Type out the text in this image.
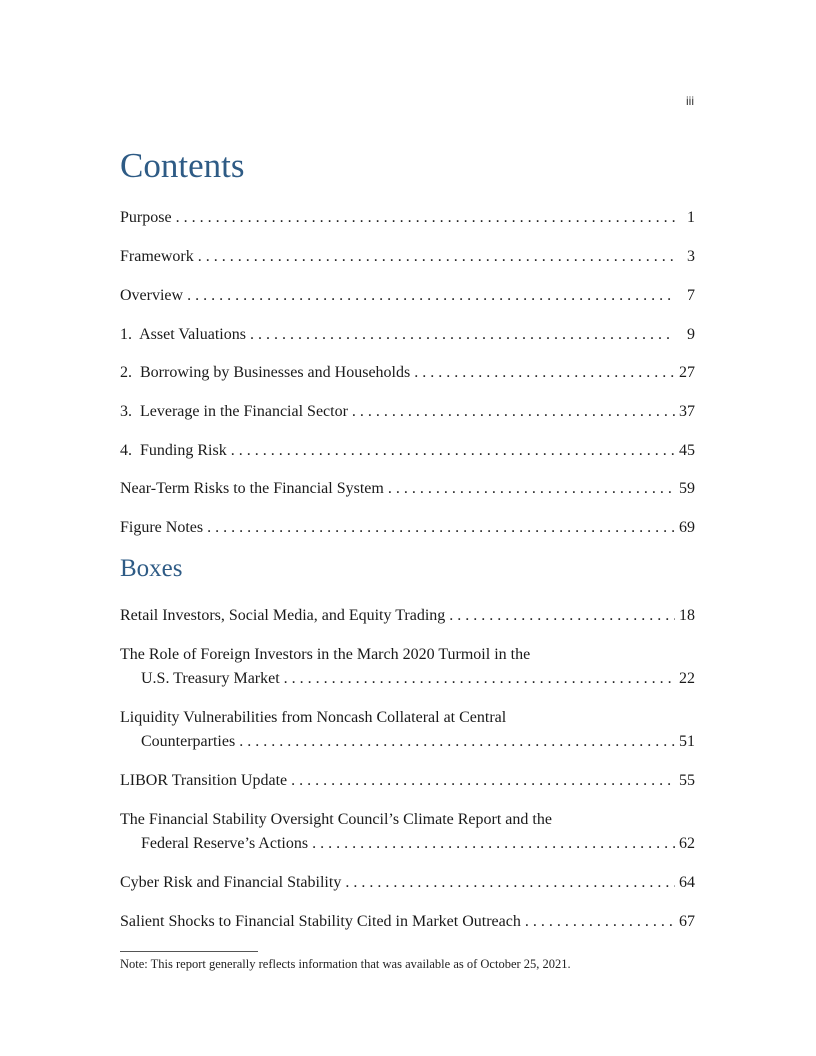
iii
Contents
Purpose . . .	1
Framework . . .	3
Overview . . .	7
1.  Asset Valuations . . .	9
2.  Borrowing by Businesses and Households . . .	27
3.  Leverage in the Financial Sector . . .	37
4.  Funding Risk . . .	45
Near-Term Risks to the Financial System . . .	59
Figure Notes . . .	69
Boxes
Retail Investors, Social Media, and Equity Trading . . .	18
The Role of Foreign Investors in the March 2020 Turmoil in the
U.S. Treasury Market . . .	22
Liquidity Vulnerabilities from Noncash Collateral at Central
Counterparties . . .	51
LIBOR Transition Update . . .	55
The Financial Stability Oversight Council’s Climate Report and the
Federal Reserve’s Actions . . .	62
Cyber Risk and Financial Stability . . .	64
Salient Shocks to Financial Stability Cited in Market Outreach . . .	67
Note: This report generally reflects information that was available as of October 25, 2021.
